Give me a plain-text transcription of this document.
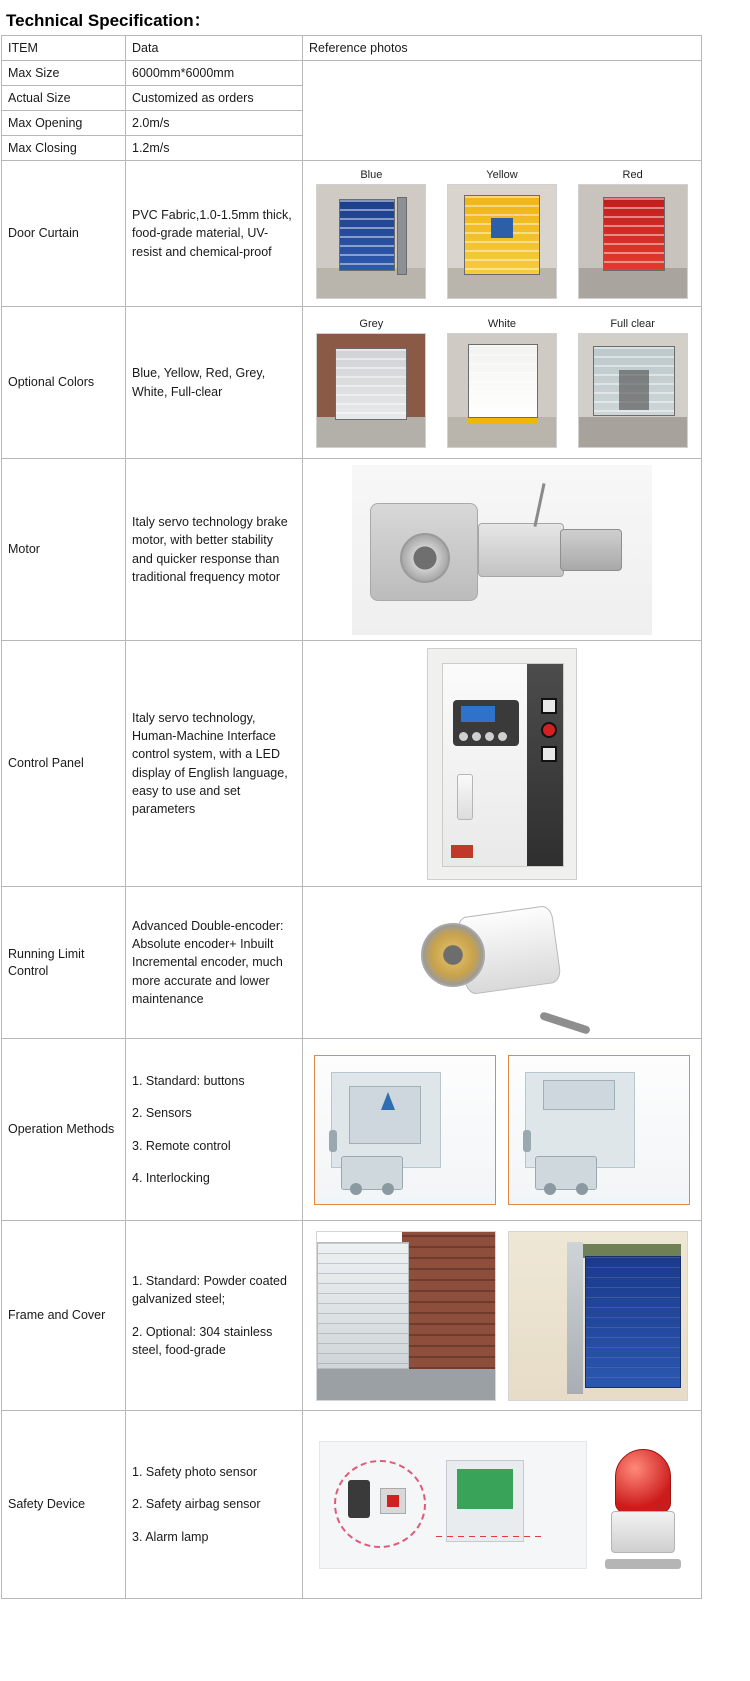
Technical Specification：
ITEM	Data	Reference photos
Max Size	6000mm*6000mm	
Actual Size	Customized as orders	
Max Opening	2.0m/s	
Max Closing	1.2m/s	
Door Curtain	PVC Fabric,1.0-1.5mm thick, food-grade material, UV-resist and chemical-proof	Blue Yellow Red

Optional Colors	Blue, Yellow, Red, Grey, White, Full-clear	Grey White Full clear

Motor	Italy servo technology brake motor, with better stability and quicker response than traditional frequency motor	

Control Panel	Italy servo technology, Human-Machine Interface control system, with a LED display of English language, easy to use and set parameters	

Running Limit Control	Advanced Double-encoder: Absolute encoder+ Inbuilt Incremental encoder, much more accurate and lower maintenance	

Operation Methods	1. Standard: buttons
2. Sensors
3. Remote control
4. Interlocking	

Frame and Cover	1. Standard: Powder coated galvanized steel;
2. Optional: 304 stainless steel, food-grade	

Safety Device	1. Safety photo sensor
2. Safety airbag sensor
3. Alarm lamp	
